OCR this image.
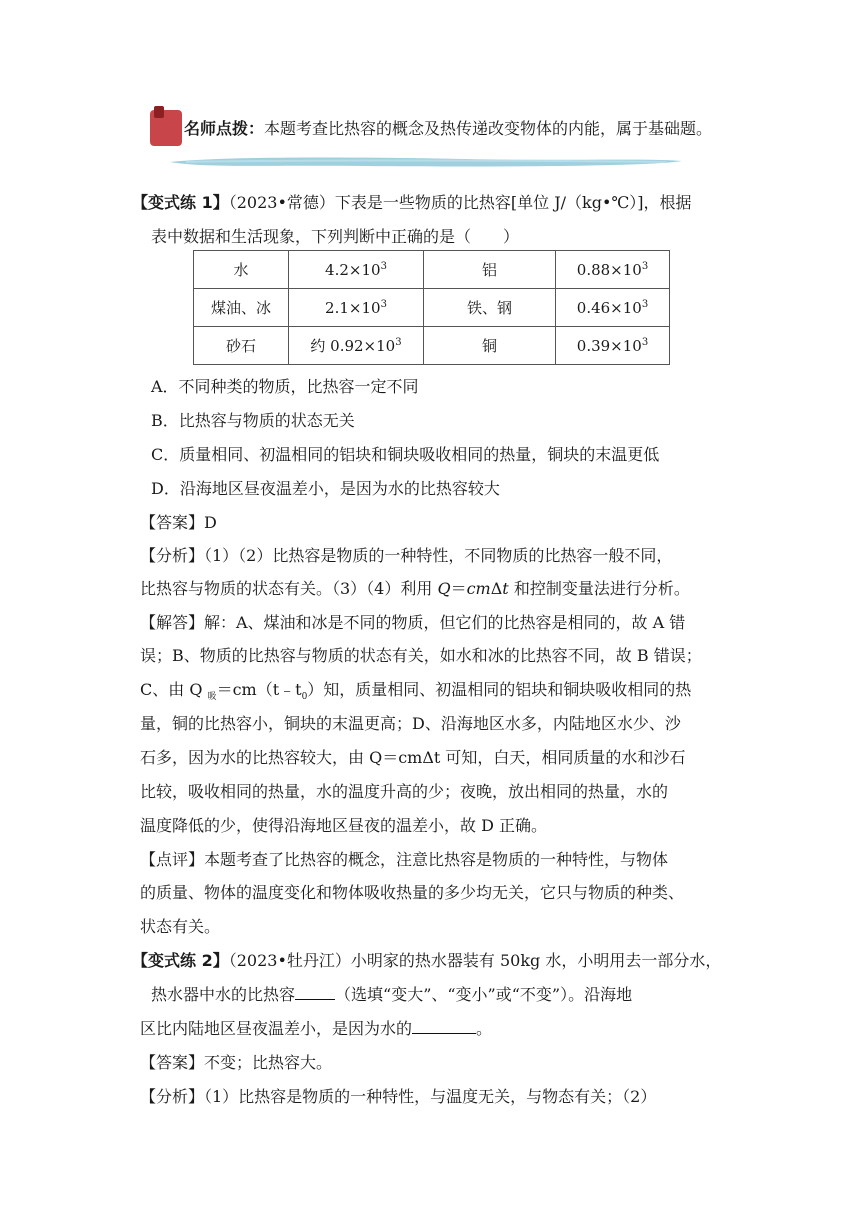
名师点拨：本题考查比热容的概念及热传递改变物体的内能，属于基础题。
【变式练 1】（2023•常德）下表是一些物质的比热容[单位 J/（kg•℃）]，根据
表中数据和生活现象，下列判断中正确的是（　　）
水	$4.2\times 10^3$	铝	$0.88\times 10^3$
煤油、冰	$2.1\times 10^3$	铁、钢	$0.46\times 10^3$
砂石	约 $0.92\times 10^3$	铜	$0.39\times 10^3$
A．不同种类的物质，比热容一定不同
B．比热容与物质的状态无关
C．质量相同、初温相同的铝块和铜块吸收相同的热量，铜块的末温更低
D．沿海地区昼夜温差小，是因为水的比热容较大
【答案】D
【分析】（1）（2）比热容是物质的一种特性，不同物质的比热容一般不同，
比热容与物质的状态有关。（3）（4）利用 Q＝cmΔt 和控制变量法进行分析。
【解答】解：A、煤油和冰是不同的物质，但它们的比热容是相同的，故 A 错
误；B、物质的比热容与物质的状态有关，如水和冰的比热容不同，故 B 错误；
C、由 Q $_吸=cm(t﹣t_0)$知，质量相同、初温相同的铝块和铜块吸收相同的热
量，铜的比热容小，铜块的末温更高；D、沿海地区水多，内陆地区水少、沙
石多，因为水的比热容较大，由 Q＝cmΔt 可知，白天，相同质量的水和沙石
比较，吸收相同的热量，水的温度升高的少；夜晚，放出相同的热量，水的
温度降低的少，使得沿海地区昼夜的温差小，故 D 正确。
【点评】本题考查了比热容的概念，注意比热容是物质的一种特性，与物体
的质量、物体的温度变化和物体吸收热量的多少均无关，它只与物质的种类、
状态有关。
【变式练 2】（2023•牡丹江）小明家的热水器装有 50kg 水，小明用去一部分水，
热水器中水的比热容	（选填“变大”、“变小”或“不变”）。沿海地
区比内陆地区昼夜温差小，是因为水的	。
【答案】不变；比热容大。
【分析】（1）比热容是物质的一种特性，与温度无关，与物态有关；（2）
